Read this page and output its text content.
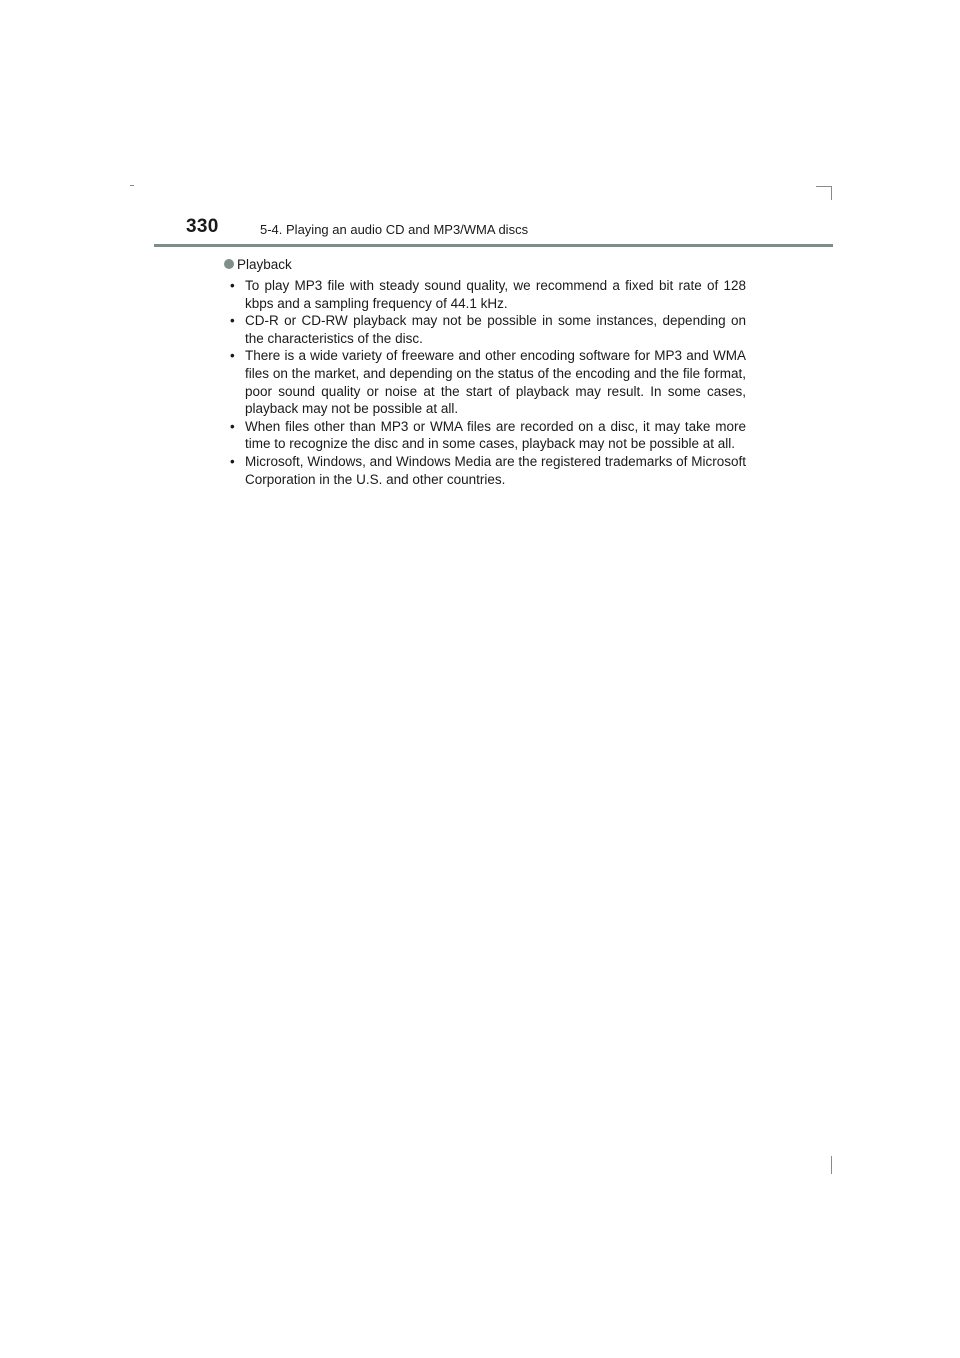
330	5-4. Playing an audio CD and MP3/WMA discs
Playback
• To play MP3 file with steady sound quality, we recommend a fixed bit rate of 128 kbps and a sampling frequency of 44.1 kHz.
• CD-R or CD-RW playback may not be possible in some instances, depending on the characteristics of the disc.
• There is a wide variety of freeware and other encoding software for MP3 and WMA files on the market, and depending on the status of the encoding and the file format, poor sound quality or noise at the start of playback may result. In some cases, playback may not be possible at all.
• When files other than MP3 or WMA files are recorded on a disc, it may take more time to recognize the disc and in some cases, playback may not be possible at all.
• Microsoft, Windows, and Windows Media are the registered trademarks of Microsoft Corporation in the U.S. and other countries.
